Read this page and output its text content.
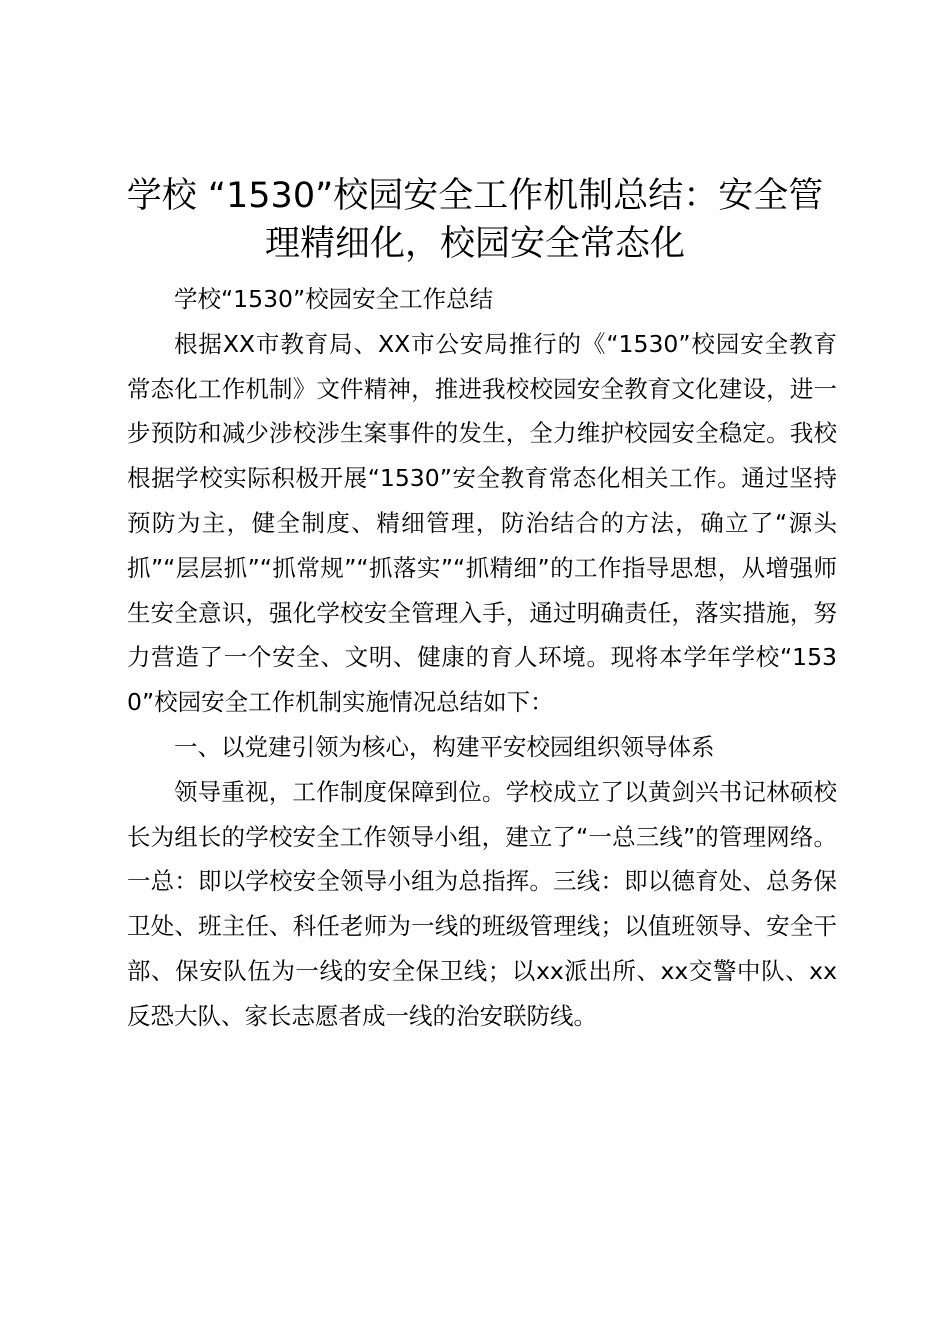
学校 “1530”校园安全工作机制总结：安全管理精细化，校园安全常态化

学校“1530”校园安全工作总结

根据XX市教育局、XX市公安局推行的《“1530”校园安全教育常态化工作机制》文件精神，推进我校校园安全教育文化建设，进一步预防和减少涉校涉生案事件的发生，全力维护校园安全稳定。我校根据学校实际积极开展“1530”安全教育常态化相关工作。通过坚持预防为主，健全制度、精细管理，防治结合的方法，确立了“源头抓”“层层抓”“抓常规”“抓落实”“抓精细”的工作指导思想，从增强师生安全意识，强化学校安全管理入手，通过明确责任，落实措施，努力营造了一个安全、文明、健康的育人环境。现将本学年学校“1530”校园安全工作机制实施情况总结如下：

一、以党建引领为核心，构建平安校园组织领导体系

领导重视，工作制度保障到位。学校成立了以黄剑兴书记林硕校长为组长的学校安全工作领导小组，建立了“一总三线”的管理网络。一总：即以学校安全领导小组为总指挥。三线：即以德育处、总务保卫处、班主任、科任老师为一线的班级管理线；以值班领导、安全干部、保安队伍为一线的安全保卫线；以xx派出所、xx交警中队、xx反恐大队、家长志愿者成一线的治安联防线。
